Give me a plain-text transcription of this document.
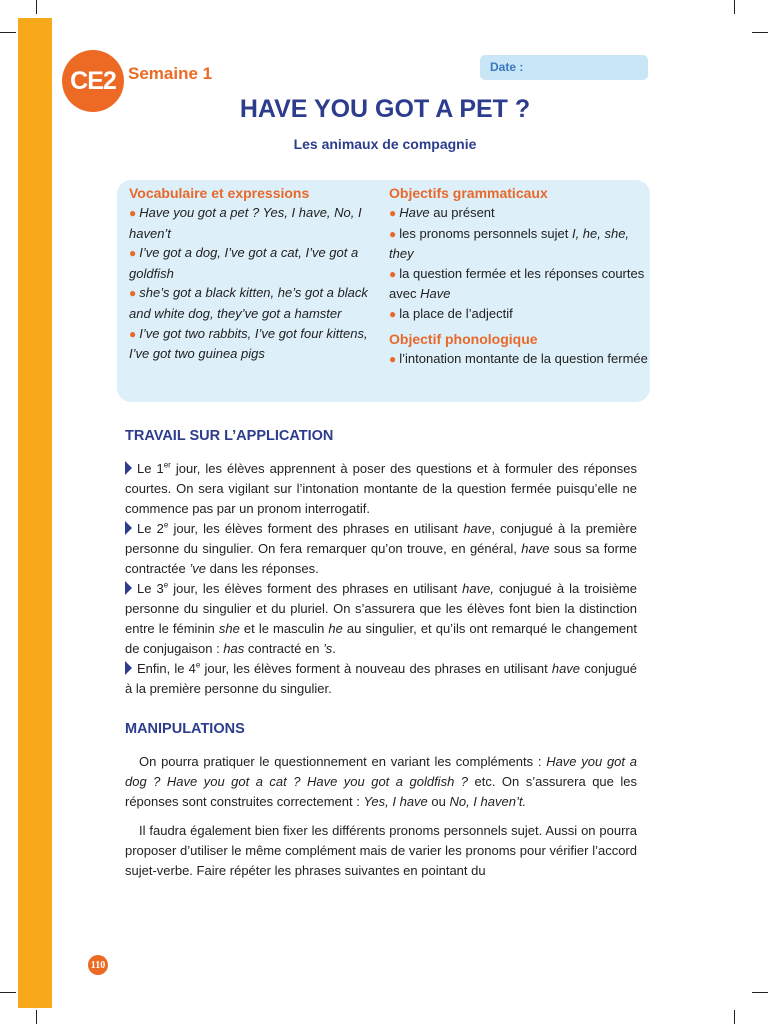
CE2 Semaine 1	Date :
HAVE YOU GOT A PET ?
Les animaux de compagnie
Vocabulaire et expressions

● Have you got a pet ? Yes, I have, No, I haven’t

● I’ve got a dog, I’ve got a cat, I’ve got a goldfish

● she’s got a black kitten, he’s got a black and white dog, they’ve got a hamster

● I’ve got two rabbits, I’ve got four kittens, I’ve got two guinea pigs

Objectifs grammaticaux

● Have au présent

● les pronoms personnels sujet I, he, she, they

● la question fermée et les réponses courtes avec Have

● la place de l’adjectif

Objectif phonologique

● l’intonation montante de la question fermée

TRAVAIL SUR L’APPLICATION

Le 1er jour, les élèves apprennent à poser des questions et à formuler des réponses courtes. On sera vigilant sur l’intonation montante de la question fermée puisqu’elle ne commence pas par un pronom interrogatif.

Le 2e jour, les élèves forment des phrases en utilisant have, conjugué à la première personne du singulier. On fera remarquer qu’on trouve, en général, have sous sa forme contractée ’ve dans les réponses.

Le 3e jour, les élèves forment des phrases en utilisant have, conjugué à la troisième personne du singulier et du pluriel. On s’assurera que les élèves font bien la distinction entre le féminin she et le masculin he au singulier, et qu’ils ont remarqué le changement de conjugaison : has contracté en ’s.

Enfin, le 4e jour, les élèves forment à nouveau des phrases en utilisant have conjugué à la première personne du singulier.

MANIPULATIONS

On pourra pratiquer le questionnement en variant les compléments : Have you got a dog ? Have you got a cat ? Have you got a goldfish ? etc. On s’assurera que les réponses sont construites correctement : Yes, I have ou No, I haven’t.

Il faudra également bien fixer les différents pronoms personnels sujet. Aussi on pourra proposer d’utiliser le même complément mais de varier les pronoms pour vérifier l’accord sujet-verbe. Faire répéter les phrases suivantes en pointant du

110
